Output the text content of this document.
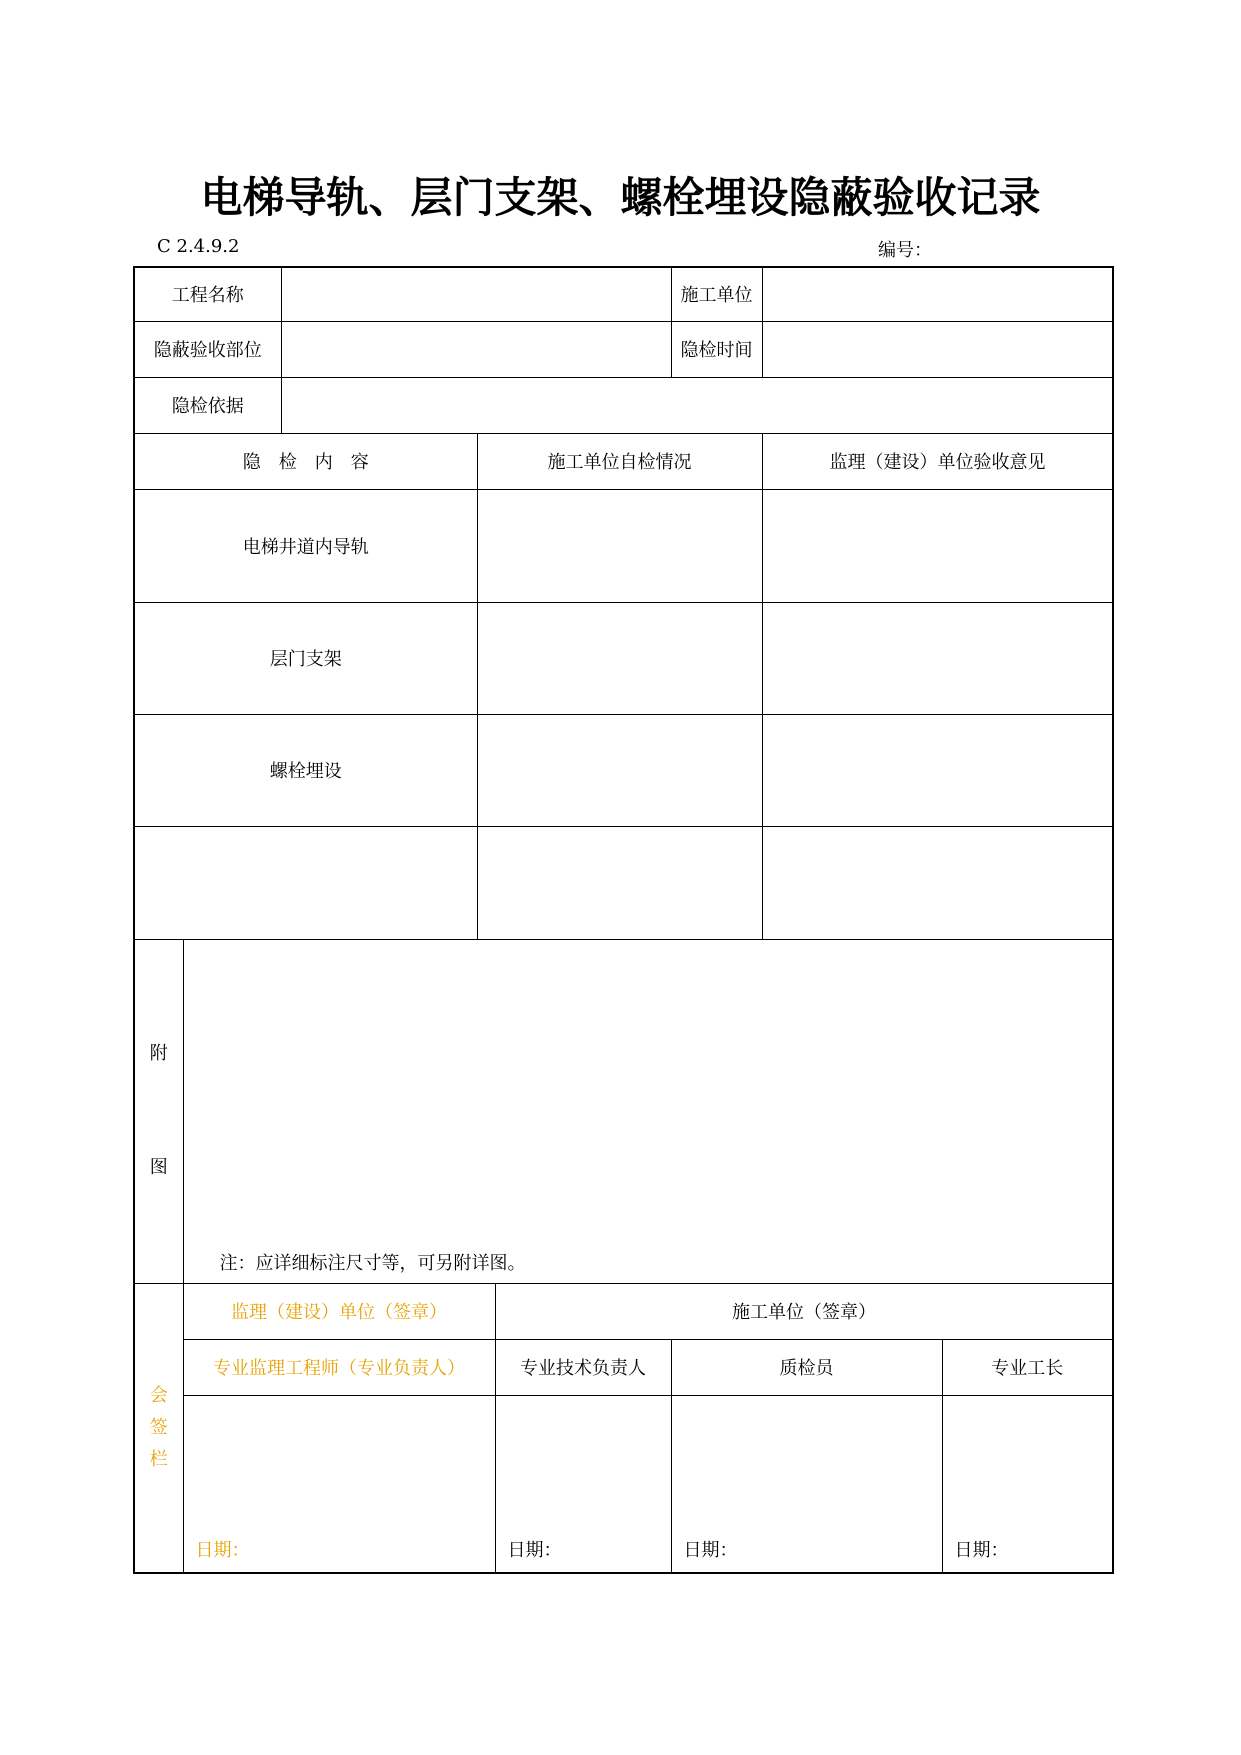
电梯导轨、层门支架、螺栓埋设隐蔽验收记录
C 2.4.9.2	编号：
工程名称					施工单位		
隐蔽验收部位					隐检时间		
隐检依据							
隐　检　内　容			施工单位自检情况			监理（建设）单位验收意见	
电梯井道内导轨							
层门支架							
螺栓埋设							

附
图	注：应详细标注尺寸等，可另附详图。						

会
签
栏	监理（建设）单位（签章）			施工单位（签章）			
	专业监理工程师（专业负责人）			专业技术负责人	质检员		专业工长
	日期：			日期：	日期：		日期：
